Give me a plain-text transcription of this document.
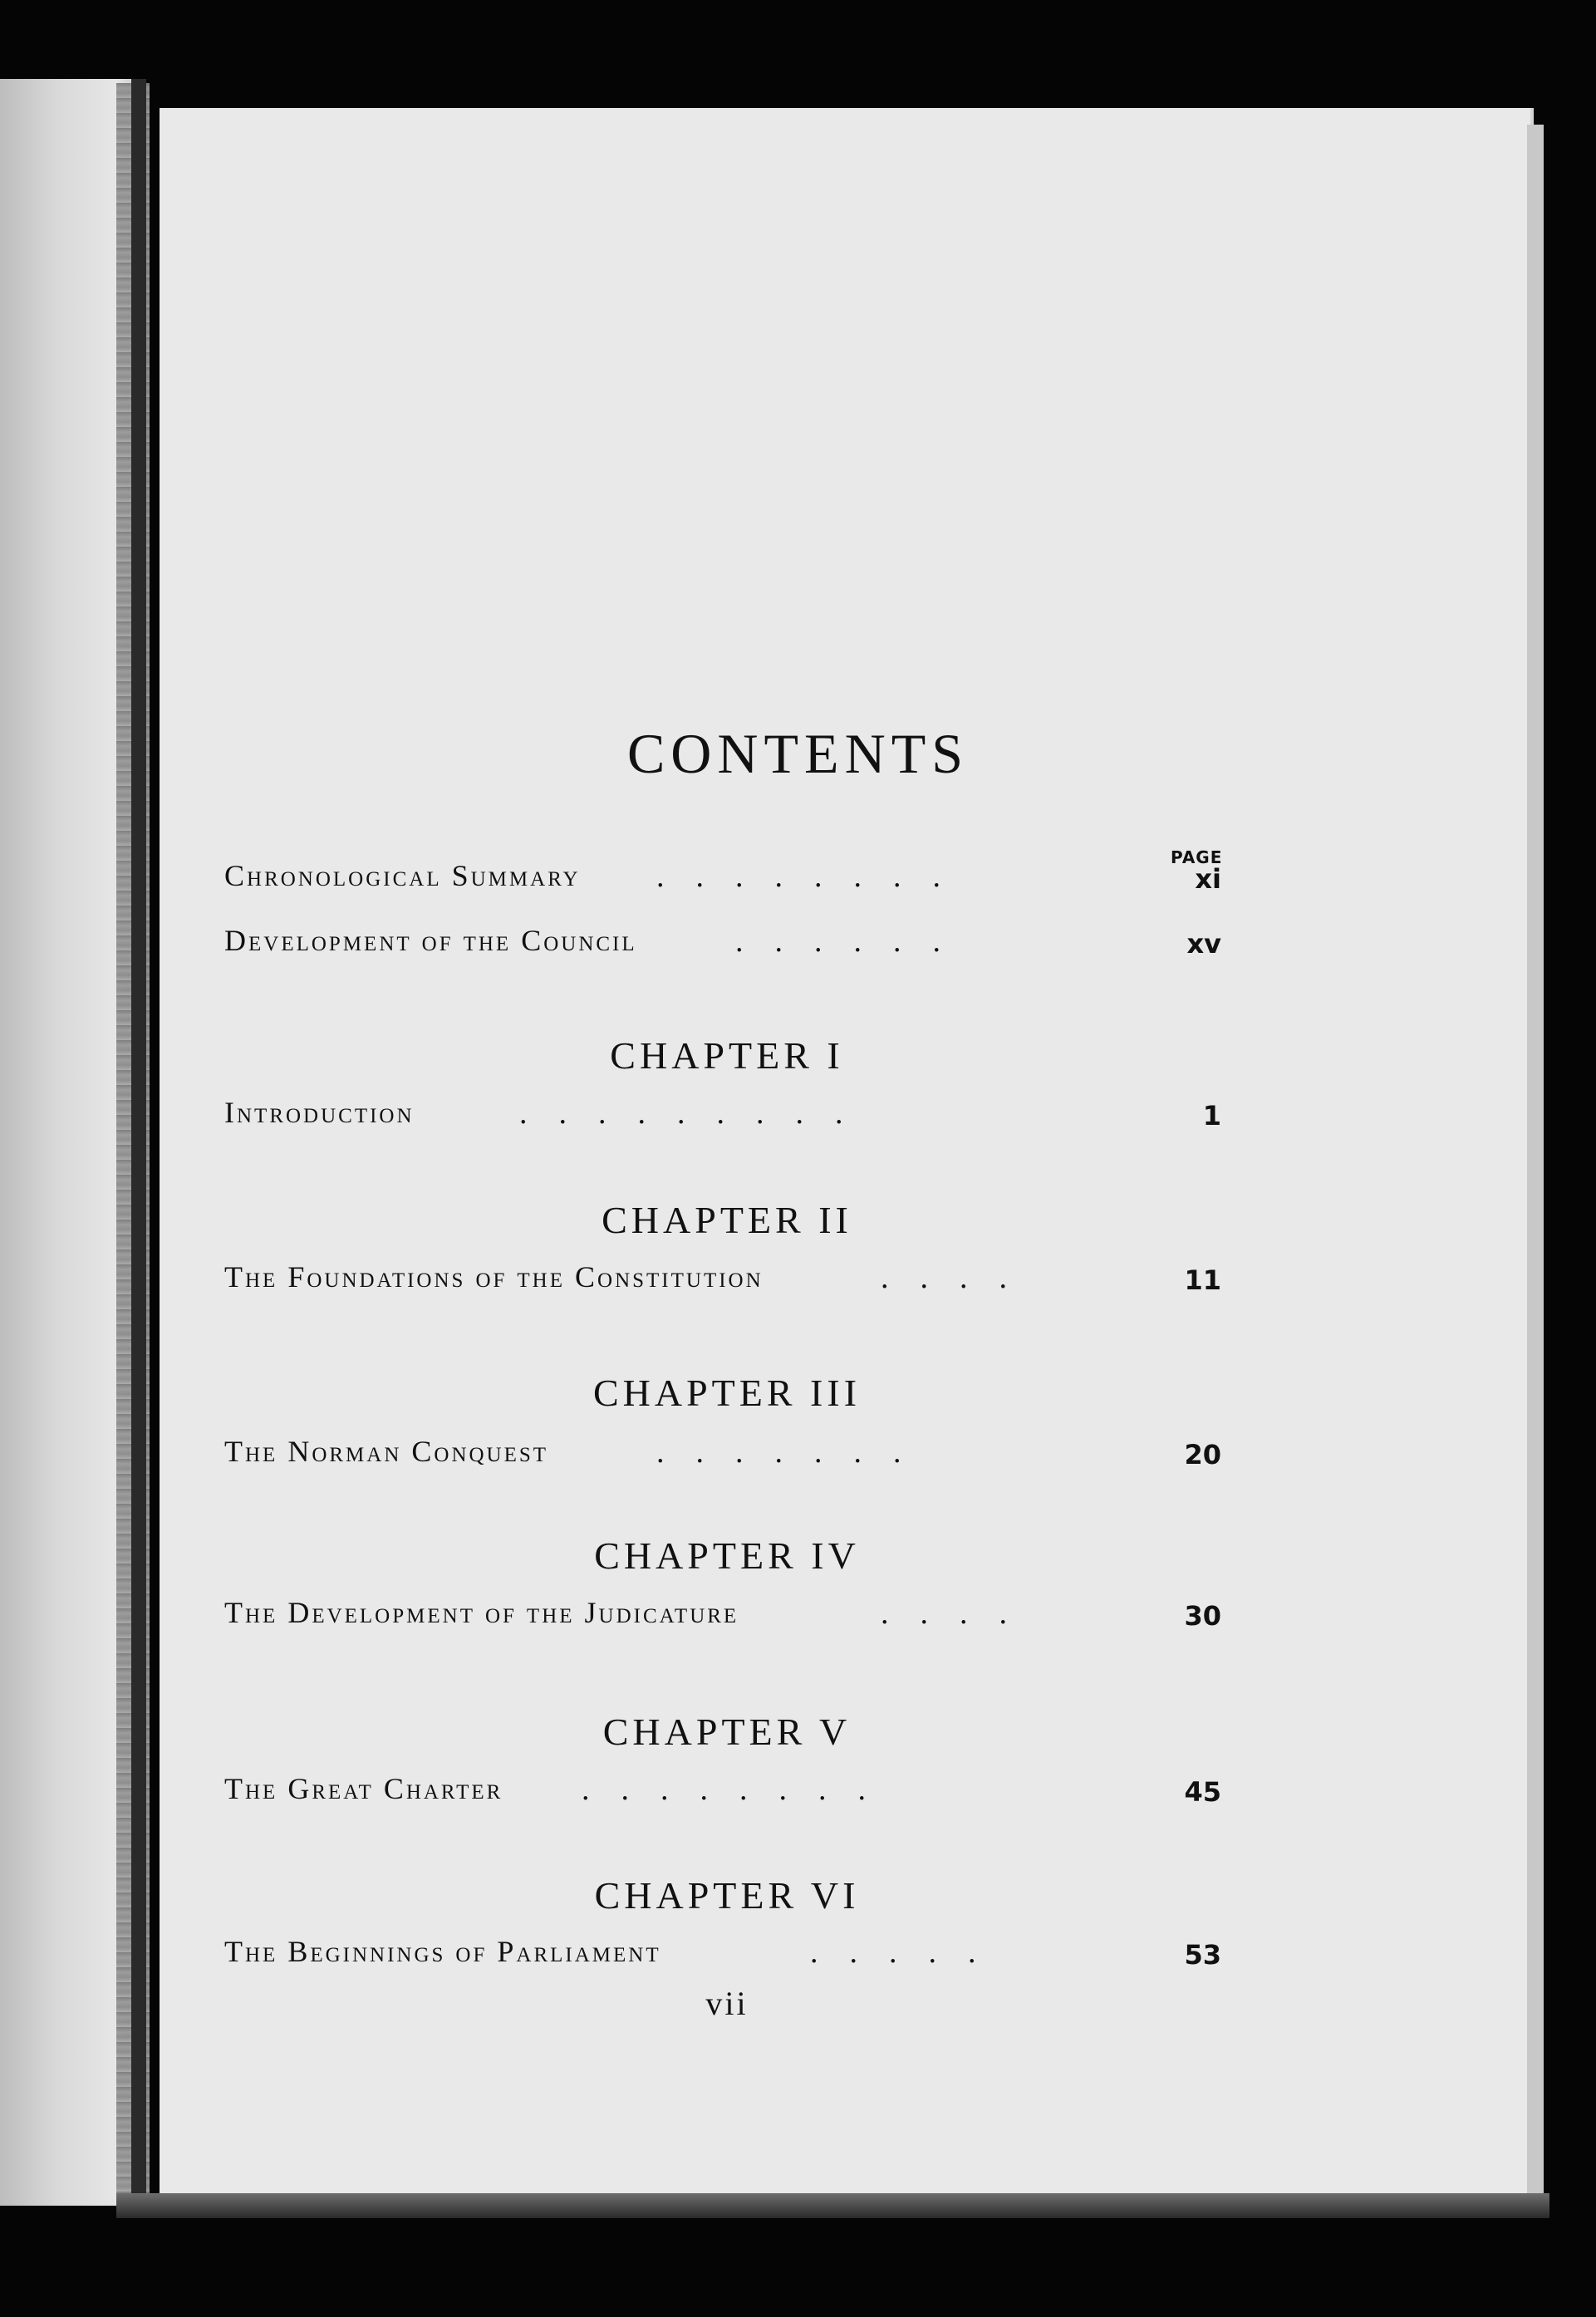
CONTENTS
PAGE
Chronological Summary ........	xi
Development of the Council	......	xv
CHAPTER I
Introduction	.........	1
CHAPTER II
The Foundations of the Constitution	....	11
CHAPTER III
The Norman Conquest	.......	20
CHAPTER IV
The Development of the Judicature	....	30
CHAPTER V
The Great Charter ........	45
CHAPTER VI
The Beginnings of Parliament	.....	53
vii
